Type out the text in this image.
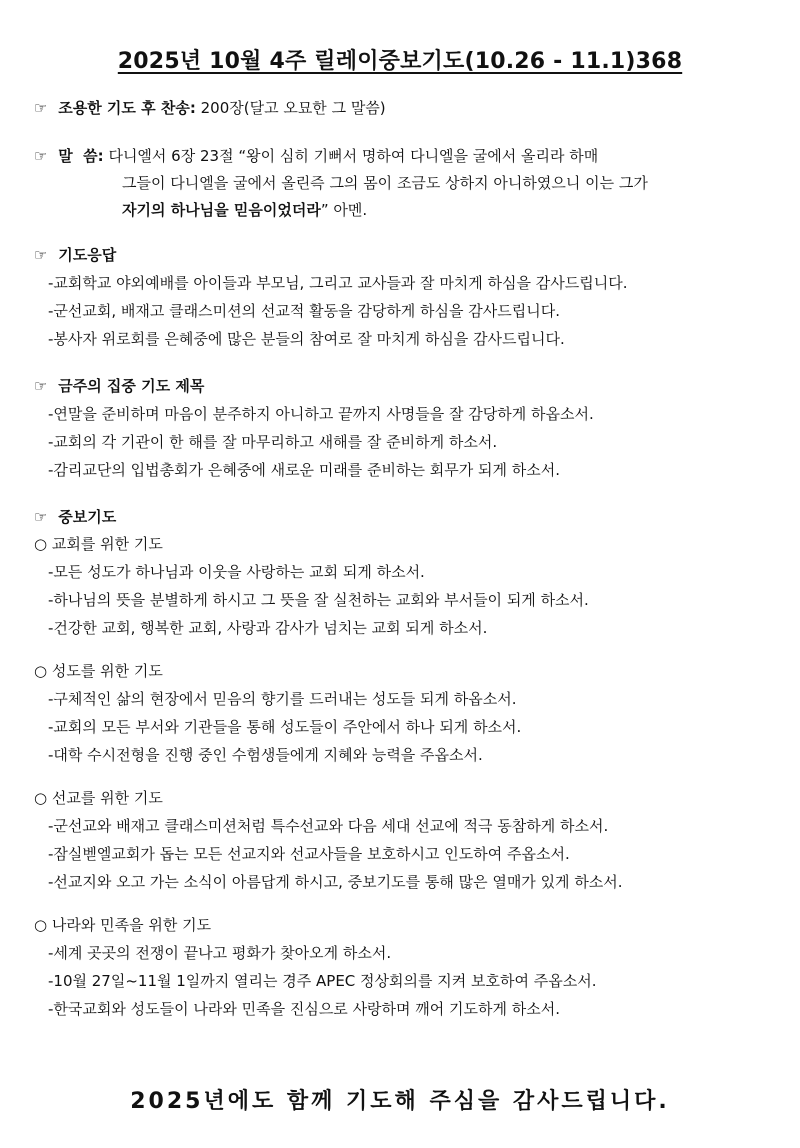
2025년 10월 4주 릴레이중보기도(10.26 - 11.1)368
☞ 조용한 기도 후 찬송: 200장(달고 오묘한 그 말씀)
☞ 말  씀: 다니엘서 6장 23절 “왕이 심히 기뻐서 명하여 다니엘을 굴에서 올리라 하매
그들이 다니엘을 굴에서 올린즉 그의 몸이 조금도 상하지 아니하였으니 이는 그가
자기의 하나님을 믿음이었더라” 아멘.
☞ 기도응답
-교회학교 야외예배를 아이들과 부모님, 그리고 교사들과 잘 마치게 하심을 감사드립니다.
-군선교회, 배재고 클래스미션의 선교적 활동을 감당하게 하심을 감사드립니다.
-봉사자 위로회를 은혜중에 많은 분들의 참여로 잘 마치게 하심을 감사드립니다.
☞ 금주의 집중 기도 제목
-연말을 준비하며 마음이 분주하지 아니하고 끝까지 사명들을 잘 감당하게 하옵소서.
-교회의 각 기관이 한 해를 잘 마무리하고 새해를 잘 준비하게 하소서.
-감리교단의 입법총회가 은혜중에 새로운 미래를 준비하는 회무가 되게 하소서.
☞ 중보기도
○ 교회를 위한 기도
-모든 성도가 하나님과 이웃을 사랑하는 교회 되게 하소서.
-하나님의 뜻을 분별하게 하시고 그 뜻을 잘 실천하는 교회와 부서들이 되게 하소서.
-건강한 교회, 행복한 교회, 사랑과 감사가 넘치는 교회 되게 하소서.
○ 성도를 위한 기도
-구체적인 삶의 현장에서 믿음의 향기를 드러내는 성도들 되게 하옵소서.
-교회의 모든 부서와 기관들을 통해 성도들이 주안에서 하나 되게 하소서.
-대학 수시전형을 진행 중인 수험생들에게 지혜와 능력을 주옵소서.
○ 선교를 위한 기도
-군선교와 배재고 클래스미션처럼 특수선교와 다음 세대 선교에 적극 동참하게 하소서.
-잠실벧엘교회가 돕는 모든 선교지와 선교사들을 보호하시고 인도하여 주옵소서.
-선교지와 오고 가는 소식이 아름답게 하시고, 중보기도를 통해 많은 열매가 있게 하소서.
○ 나라와 민족을 위한 기도
-세계 곳곳의 전쟁이 끝나고 평화가 찾아오게 하소서.
-10월 27일~11월 1일까지 열리는 경주 APEC 정상회의를 지켜 보호하여 주옵소서.
-한국교회와 성도들이 나라와 민족을 진심으로 사랑하며 깨어 기도하게 하소서.
2025년에도 함께 기도해 주심을 감사드립니다.
